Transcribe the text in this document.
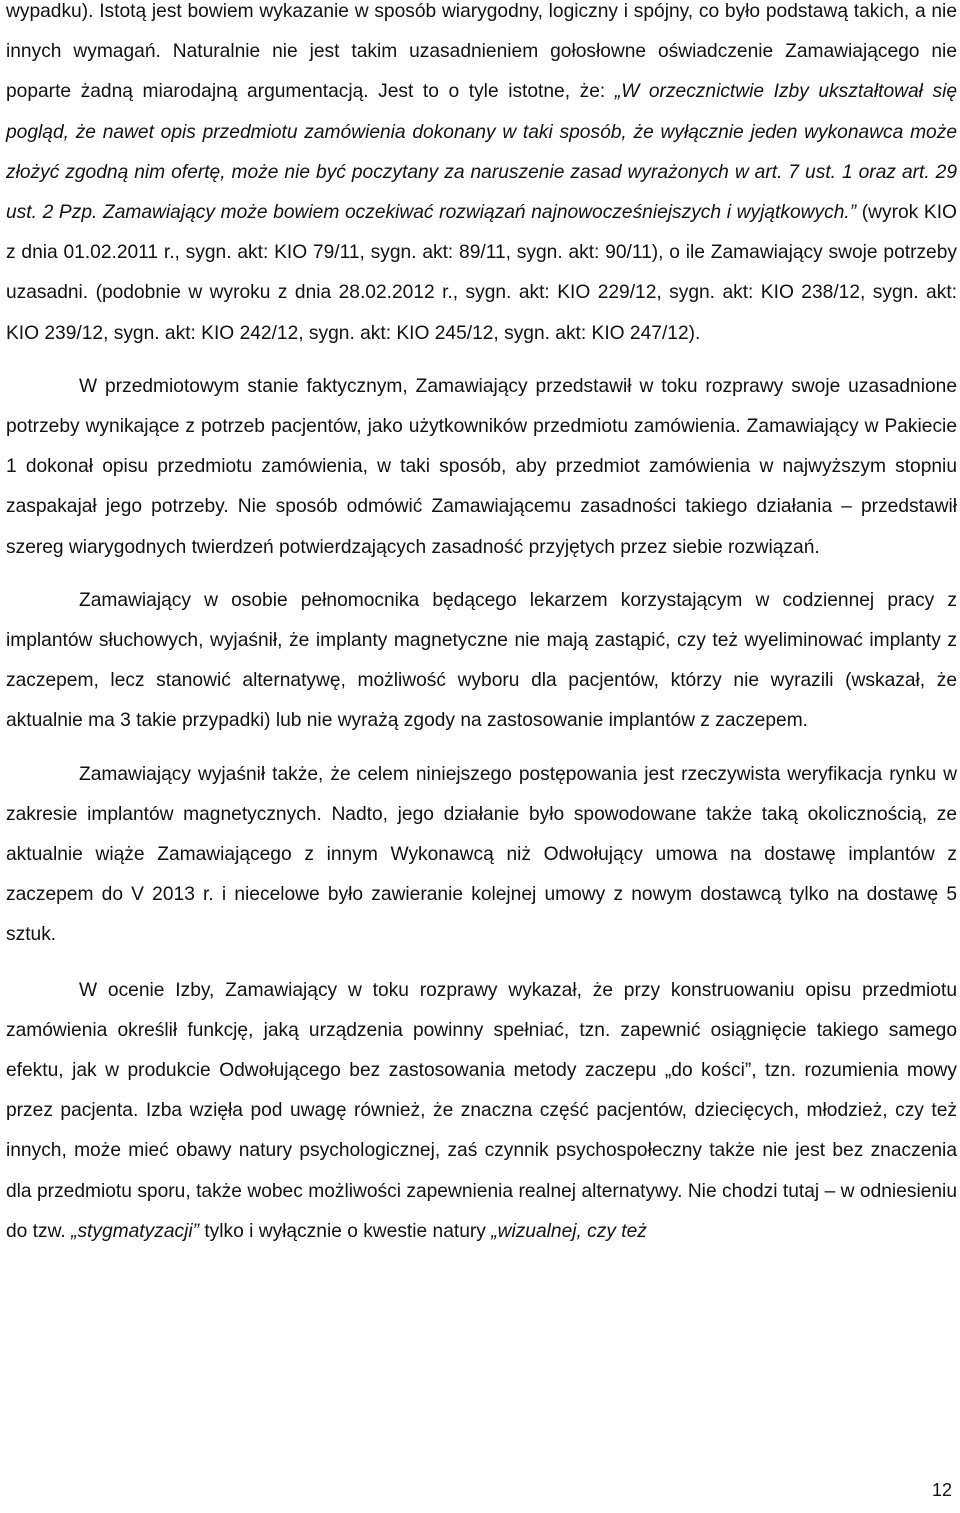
wypadku). Istotą jest bowiem wykazanie w sposób wiarygodny, logiczny i spójny, co było podstawą takich, a nie innych wymagań. Naturalnie nie jest takim uzasadnieniem gołosłowne oświadczenie Zamawiającego nie poparte żadną miarodajną argumentacją. Jest to o tyle istotne, że: „W orzecznictwie Izby ukształtował się pogląd, że nawet opis przedmiotu zamówienia dokonany w taki sposób, że wyłącznie jeden wykonawca może złożyć zgodną nim ofertę, może nie być poczytany za naruszenie zasad wyrażonych w art. 7 ust. 1 oraz art. 29 ust. 2 Pzp. Zamawiający może bowiem oczekiwać rozwiązań najnowocześniejszych i wyjątkowych.” (wyrok KIO z dnia 01.02.2011 r., sygn. akt: KIO 79/11, sygn. akt: 89/11, sygn. akt: 90/11), o ile Zamawiający swoje potrzeby uzasadni. (podobnie w wyroku z dnia 28.02.2012 r., sygn. akt: KIO 229/12, sygn. akt: KIO 238/12, sygn. akt: KIO 239/12, sygn. akt: KIO 242/12, sygn. akt: KIO 245/12, sygn. akt: KIO 247/12).

W przedmiotowym stanie faktycznym, Zamawiający przedstawił w toku rozprawy swoje uzasadnione potrzeby wynikające z potrzeb pacjentów, jako użytkowników przedmiotu zamówienia. Zamawiający w Pakiecie 1 dokonał opisu przedmiotu zamówienia, w taki sposób, aby przedmiot zamówienia w najwyższym stopniu zaspakajał jego potrzeby. Nie sposób odmówić Zamawiającemu zasadności takiego działania – przedstawił szereg wiarygodnych twierdzeń potwierdzających zasadność przyjętych przez siebie rozwiązań.

Zamawiający w osobie pełnomocnika będącego lekarzem korzystającym w codziennej pracy z implantów słuchowych, wyjaśnił, że implanty magnetyczne nie mają zastąpić, czy też wyeliminować implanty z zaczepem, lecz stanowić alternatywę, możliwość wyboru dla pacjentów, którzy nie wyrazili (wskazał, że aktualnie ma 3 takie przypadki) lub nie wyrażą zgody na zastosowanie implantów z zaczepem.

Zamawiający wyjaśnił także, że celem niniejszego postępowania jest rzeczywista weryfikacja rynku w zakresie implantów magnetycznych. Nadto, jego działanie było spowodowane także taką okolicznością, ze aktualnie wiąże Zamawiającego z innym Wykonawcą niż Odwołujący umowa na dostawę implantów z zaczepem do V 2013 r. i niecelowe było zawieranie kolejnej umowy z nowym dostawcą tylko na dostawę 5 sztuk.

W ocenie Izby, Zamawiający w toku rozprawy wykazał, że przy konstruowaniu opisu przedmiotu zamówienia określił funkcję, jaką urządzenia powinny spełniać, tzn. zapewnić osiągnięcie takiego samego efektu, jak w produkcie Odwołującego bez zastosowania metody zaczepu „do kości”, tzn. rozumienia mowy przez pacjenta. Izba wzięła pod uwagę również, że znaczna część pacjentów, dziecięcych, młodzież, czy też innych, może mieć obawy natury psychologicznej, zaś czynnik psychospołeczny także nie jest bez znaczenia dla przedmiotu sporu, także wobec możliwości zapewnienia realnej alternatywy. Nie chodzi tutaj – w odniesieniu do tzw. „stygmatyzacji” tylko i wyłącznie o kwestie natury „wizualnej, czy też

12
